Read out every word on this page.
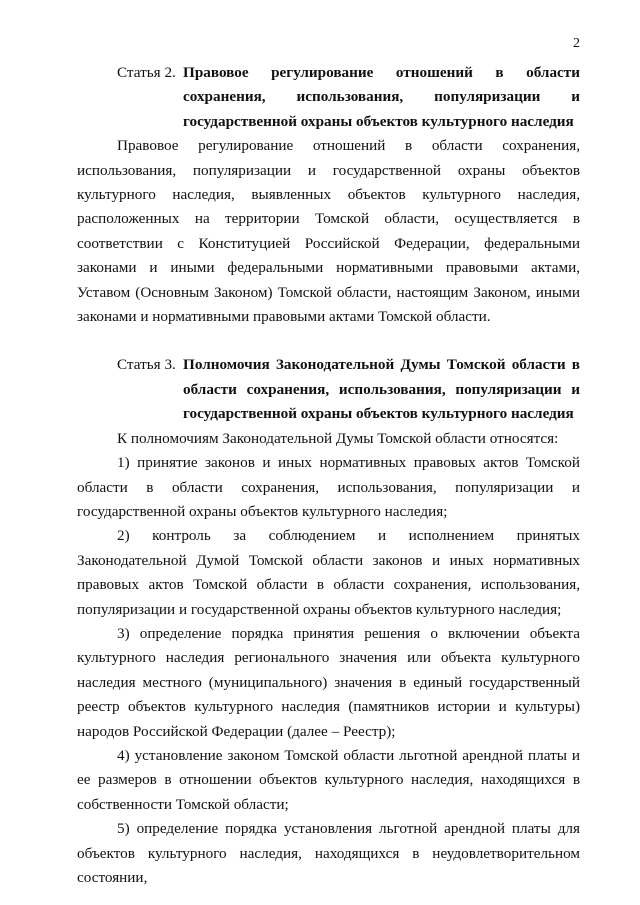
2
Статья 2. Правовое регулирование отношений в области сохранения, использования, популяризации и государственной охраны объектов культурного наследия

Правовое регулирование отношений в области сохранения, использования, популяризации и государственной охраны объектов культурного наследия, выявленных объектов культурного наследия, расположенных на территории Томской области, осуществляется в соответствии с Конституцией Российской Федерации, федеральными законами и иными федеральными нормативными правовыми актами, Уставом (Основным Законом) Томской области, настоящим Законом, иными законами и нормативными правовыми актами Томской области.

Статья 3. Полномочия Законодательной Думы Томской области в области сохранения, использования, популяризации и государственной охраны объектов культурного наследия

К полномочиям Законодательной Думы Томской области относятся:

1) принятие законов и иных нормативных правовых актов Томской области в области сохранения, использования, популяризации и государственной охраны объектов культурного наследия;

2) контроль за соблюдением и исполнением принятых Законодательной Думой Томской области законов и иных нормативных правовых актов Томской области в области сохранения, использования, популяризации и государственной охраны объектов культурного наследия;

3) определение порядка принятия решения о включении объекта культурного наследия регионального значения или объекта культурного наследия местного (муниципального) значения в единый государственный реестр объектов культурного наследия (памятников истории и культуры) народов Российской Федерации (далее – Реестр);

4) установление законом Томской области льготной арендной платы и ее размеров в отношении объектов культурного наследия, находящихся в собственности Томской области;

5) определение порядка установления льготной арендной платы для объектов культурного наследия, находящихся в неудовлетворительном состоянии,
